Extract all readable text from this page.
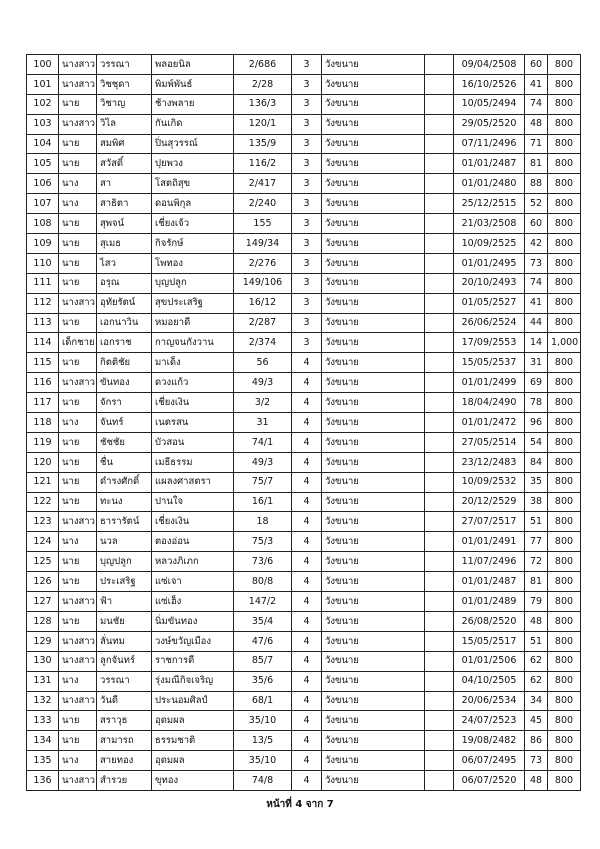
100	นางสาว	วรรณา	พลอยนิล	2/686	3	วังขนาย		09/04/2508	60	800
101	นางสาว	วิชชุดา	พิมพ์พันธ์	2/28	3	วังขนาย		16/10/2526	41	800
102	นาย	วิชาญ	ช้างพลาย	136/3	3	วังขนาย		10/05/2494	74	800
103	นางสาว	วิไล	กันเกิด	120/1	3	วังขนาย		29/05/2520	48	800
104	นาย	สมพิศ	ปิ่นสุวรรณ์	135/9	3	วังขนาย		07/11/2496	71	800
105	นาย	สวัสดิ์	ปุยพวง	116/2	3	วังขนาย		01/01/2487	81	800
106	นาง	สา	โสตถิสุข	2/417	3	วังขนาย		01/01/2480	88	800
107	นาง	สาธิตา	ดอนพิกุล	2/240	3	วังขนาย		25/12/2515	52	800
108	นาย	สุพจน์	เชี่ยงเจ้ว	155	3	วังขนาย		21/03/2508	60	800
109	นาย	สุเมธ	กิจรักษ์	149/34	3	วังขนาย		10/09/2525	42	800
110	นาย	ไสว	โพทอง	2/276	3	วังขนาย		01/01/2495	73	800
111	นาย	อรุณ	บุญปลูก	149/106	3	วังขนาย		20/10/2493	74	800
112	นางสาว	อุทัยรัตน์	สุขประเสริฐ	16/12	3	วังขนาย		01/05/2527	41	800
113	นาย	เอกนาวิน	หมอยาดี	2/287	3	วังขนาย		26/06/2524	44	800
114	เด็กชาย	เอกราช	กาญจนกังวาน	2/374	3	วังขนาย		17/09/2553	14	1,000
115	นาย	กิตติชัย	มาเด็ง	56	4	วังขนาย		15/05/2537	31	800
116	นางสาว	ขันทอง	ดวงแก้ว	49/3	4	วังขนาย		01/01/2499	69	800
117	นาย	จักรา	เชี่ยงเงิน	3/2	4	วังขนาย		18/04/2490	78	800
118	นาง	จันทร์	เนตรสน	31	4	วังขนาย		01/01/2472	96	800
119	นาย	ชัชชัย	บัวสอน	74/1	4	วังขนาย		27/05/2514	54	800
120	นาย	ชื่น	เมธีธรรม	49/3	4	วังขนาย		23/12/2483	84	800
121	นาย	ดำรงศักดิ์	แผลงศาสตรา	75/7	4	วังขนาย		10/09/2532	35	800
122	นาย	ทะนง	ปานใจ	16/1	4	วังขนาย		20/12/2529	38	800
123	นางสาว	ธารารัตน์	เชี่ยงเงิน	18	4	วังขนาย		27/07/2517	51	800
124	นาง	นวล	ตองอ่อน	75/3	4	วังขนาย		01/01/2491	77	800
125	นาย	บุญปลูก	หลวงภิเภก	73/6	4	วังขนาย		11/07/2496	72	800
126	นาย	ประเสริฐ	แซ่เจา	80/8	4	วังขนาย		01/01/2487	81	800
127	นางสาว	ฟ้า	แซ่เฮ็ง	147/2	4	วังขนาย		01/01/2489	79	800
128	นาย	มนชัย	นิ่มขันทอง	35/4	4	วังขนาย		26/08/2520	48	800
129	นางสาว	ลั่นทม	วงษ์ขวัญเมือง	47/6	4	วังขนาย		15/05/2517	51	800
130	นางสาว	ลูกจันทร์	ราชการดี	85/7	4	วังขนาย		01/01/2506	62	800
131	นาง	วรรณา	รุ่งมณีกิจเจริญ	35/6	4	วังขนาย		04/10/2505	62	800
132	นางสาว	วันดี	ประนอมศิลป์	68/1	4	วังขนาย		20/06/2534	34	800
133	นาย	สราวุธ	อุดมผล	35/10	4	วังขนาย		24/07/2523	45	800
134	นาย	สามารถ	ธรรมชาติ	13/5	4	วังขนาย		19/08/2482	86	800
135	นาง	สายทอง	อุดมผล	35/10	4	วังขนาย		06/07/2495	73	800
136	นางสาว	สำรวย	ขุทอง	74/8	4	วังขนาย		06/07/2520	48	800
หน้าที่ 4 จาก 7
